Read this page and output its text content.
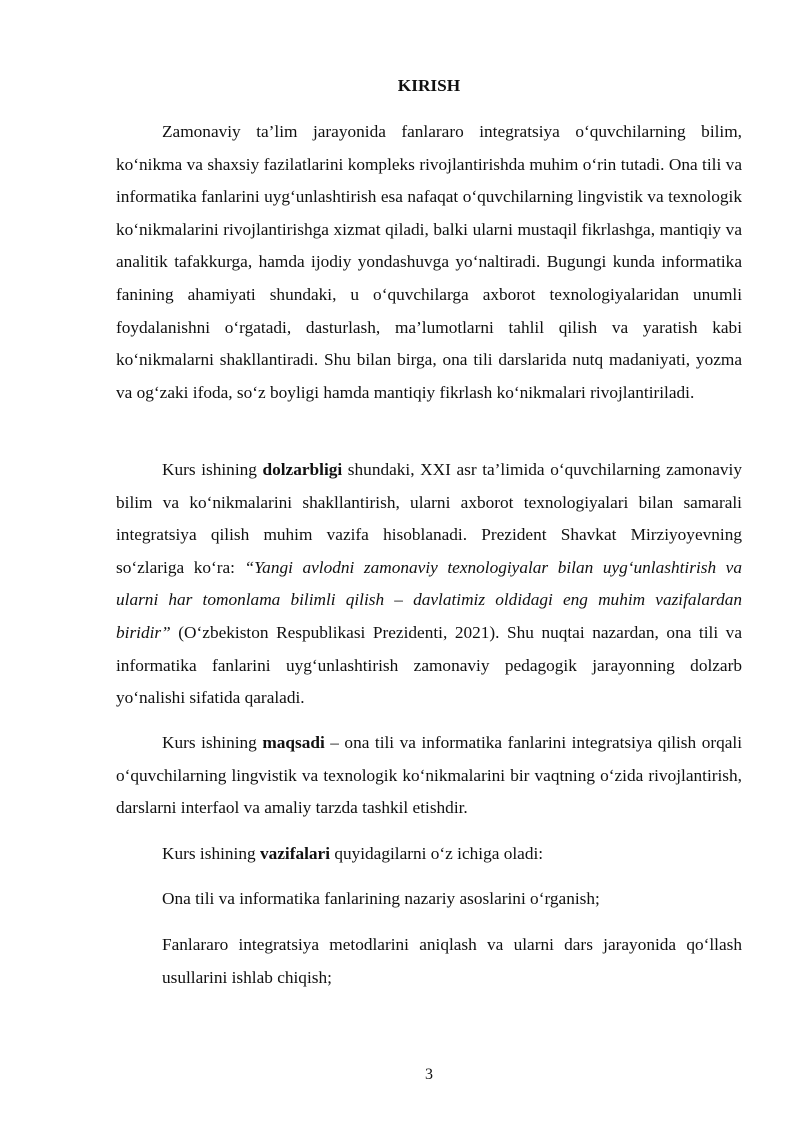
KIRISH

Zamonaviy ta’lim jarayonida fanlararo integratsiya o‘quvchilarning bilim, ko‘nikma va shaxsiy fazilatlarini kompleks rivojlantirishda muhim o‘rin tutadi. Ona tili va informatika fanlarini uyg‘unlashtirish esa nafaqat o‘quvchilarning lingvistik va texnologik ko‘nikmalarini rivojlantirishga xizmat qiladi, balki ularni mustaqil fikrlashga, mantiqiy va analitik tafakkurga, hamda ijodiy yondashuvga yo‘naltiradi. Bugungi kunda informatika fanining ahamiyati shundaki, u o‘quvchilarga axborot texnologiyalaridan unumli foydalanishni o‘rgatadi, dasturlash, ma’lumotlarni tahlil qilish va yaratish kabi ko‘nikmalarni shakllantiradi. Shu bilan birga, ona tili darslarida nutq madaniyati, yozma va og‘zaki ifoda, so‘z boyligi hamda mantiqiy fikrlash ko‘nikmalari rivojlantiriladi.

Kurs ishining dolzarbligi shundaki, XXI asr ta’limida o‘quvchilarning zamonaviy bilim va ko‘nikmalarini shakllantirish, ularni axborot texnologiyalari bilan samarali integratsiya qilish muhim vazifa hisoblanadi. Prezident Shavkat Mirziyoyevning so‘zlariga ko‘ra: “Yangi avlodni zamonaviy texnologiyalar bilan uyg‘unlashtirish va ularni har tomonlama bilimli qilish – davlatimiz oldidagi eng muhim vazifalardan biridir” (O‘zbekiston Respublikasi Prezidenti, 2021). Shu nuqtai nazardan, ona tili va informatika fanlarini uyg‘unlashtirish zamonaviy pedagogik jarayonning dolzarb yo‘nalishi sifatida qaraladi.

Kurs ishining maqsadi – ona tili va informatika fanlarini integratsiya qilish orqali o‘quvchilarning lingvistik va texnologik ko‘nikmalarini bir vaqtning o‘zida rivojlantirish, darslarni interfaol va amaliy tarzda tashkil etishdir.

Kurs ishining vazifalari quyidagilarni o‘z ichiga oladi:

Ona tili va informatika fanlarining nazariy asoslarini o‘rganish;

Fanlararo integratsiya metodlarini aniqlash va ularni dars jarayonida qo‘llash usullarini ishlab chiqish;

3
